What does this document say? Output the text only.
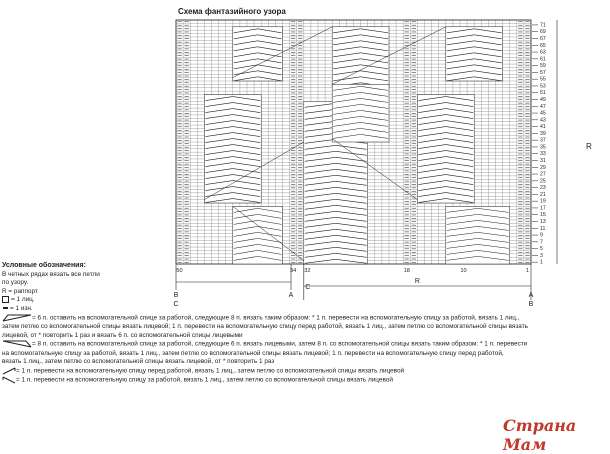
Схема фантазийного узора
71
69
67
65
63
61
59
57
55
53
51
49
47
45
43
41
39
37
35
33
31
29
27
25
23
21
19
17
15
13
11
9
7
5
3
1
50	34 32	18	10	1
B
C
A
C
R
A
B
R
Условные обозначения:
В четных рядах вязать все петли
по узору.
R = раппорт
= 1 лиц.
= 1 изн.
= 6 п. оставить на вспомогательной спице за работой, следующие 8 п. вязать таким образом: * 1 п. перевести на вспомогательную спицу за работой, вязать 1 лиц.,
затем петлю со вспомогательной спицы вязать лицевой; 1 п. перевести на вспомогательную спицу перед работой, вязать 1 лиц., затем петлю со вспомогательной спицы вязать
лицевой, от * повторить 1 раз и вязать 6 п. со вспомогательной спицы лицевыми
= 8 п. оставить на вспомогательной спице за работой, следующие 6 п. вязать лицевыми, затем 8 п. со вспомогательной спицы вязать таким образом: * 1 п. перевести
на вспомогательную спицу за работой, вязать 1 лиц., затем петлю со вспомогательной спицы вязать лицевой; 1 п. перевести на вспомогательную спицу перед работой,
вязать 1 лиц., затем петлю со вспомогательной спицы вязать лицевой, от * повторить 1 раз
= 1 п. перевести на вспомогательную спицу перед работой, вязать 1 лиц., затем петлю со вспомогательной спицы вязать лицевой
= 1 п. перевести на вспомогательную спицу за работой, вязать 1 лиц., затем петлю со вспомогательной спицы вязать лицевой
Страна Мам
